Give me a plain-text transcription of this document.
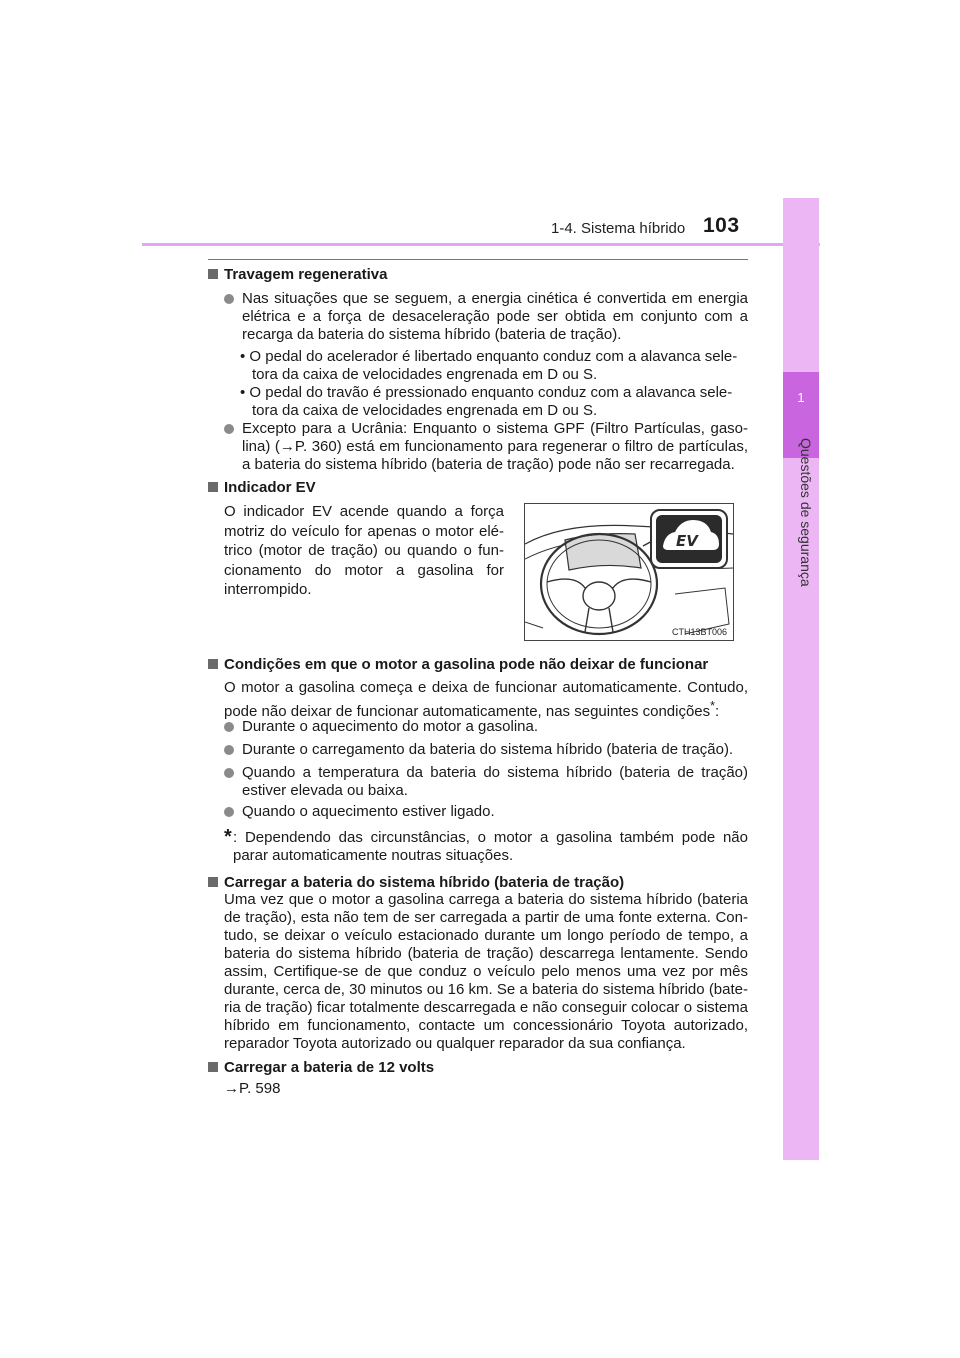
1-4. Sistema híbrido 103
1
Questões de segurança
Travagem regenerativa
Nas situações que se seguem, a energia cinética é convertida em energia elétrica e a força de desaceleração pode ser obtida em conjunto com a recarga da bateria do sistema híbrido (bateria de tração).
• O pedal do acelerador é libertado enquanto conduz com a alavanca sele-tora da caixa de velocidades engrenada em D ou S.
• O pedal do travão é pressionado enquanto conduz com a alavanca sele-tora da caixa de velocidades engrenada em D ou S.
Excepto para a Ucrânia: Enquanto o sistema GPF (Filtro Partículas, gaso-lina) (→P. 360) está em funcionamento para regenerar o filtro de partículas, a bateria do sistema híbrido (bateria de tração) pode não ser recarregada.
Indicador EV
O indicador EV acende quando a força motriz do veículo for apenas o motor elé-trico (motor de tração) ou quando o fun-cionamento do motor a gasolina for interrompido.
EV
CTH13BT006
Condições em que o motor a gasolina pode não deixar de funcionar
O motor a gasolina começa e deixa de funcionar automaticamente. Contudo, pode não deixar de funcionar automaticamente, nas seguintes condições*:
Durante o aquecimento do motor a gasolina.
Durante o carregamento da bateria do sistema híbrido (bateria de tração).
Quando a temperatura da bateria do sistema híbrido (bateria de tração) estiver elevada ou baixa.
Quando o aquecimento estiver ligado.
* : Dependendo das circunstâncias, o motor a gasolina também pode não parar automaticamente noutras situações.
Carregar a bateria do sistema híbrido (bateria de tração)
Uma vez que o motor a gasolina carrega a bateria do sistema híbrido (bateria de tração), esta não tem de ser carregada a partir de uma fonte externa. Con-tudo, se deixar o veículo estacionado durante um longo período de tempo, a bateria do sistema híbrido (bateria de tração) descarrega lentamente. Sendo assim, Certifique-se de que conduz o veículo pelo menos uma vez por mês durante, cerca de, 30 minutos ou 16 km. Se a bateria do sistema híbrido (bate-ria de tração) ficar totalmente descarregada e não conseguir colocar o sistema híbrido em funcionamento, contacte um concessionário Toyota autorizado, reparador Toyota autorizado ou qualquer reparador da sua confiança.
Carregar a bateria de 12 volts
→P. 598
